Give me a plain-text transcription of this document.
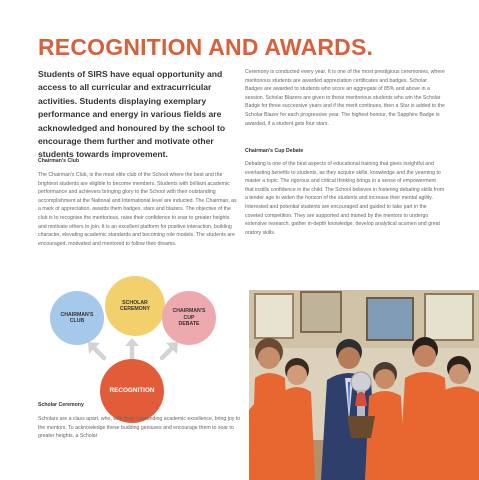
RECOGNITION AND AWARDS.
Students of SIRS have equal opportunity and access to all curricular and extracurricular activities. Students displaying exemplary performance and energy in various fields are acknowledged and honoured by the school to encourage them further and motivate other students towards improvement.
Chairman's Club
The Chairman's Club, is the most elite club of the School where the best and the brightest students are eligible to become members. Students with brilliant academic performance and achievers bringing glory to the School with their outstanding accomplishment at the National and International level are inducted. The Chairman, as a mark of appreciation, awards them badges, stars and blazers. The objective of the club is to recognise the meritorious, raise their confidence to soar to greater heights and motivate others to join. It is an excellent platform for positive interaction, building character, elevating academic standards and becoming role models. The students are encouraged, motivated and mentored to follow their dreams.
SCHOLAR
CEREMONY
CHAIRMAN'S
CLUB
CHAIRMAN'S
CUP
DEBATE
RECOGNITION
Scholar Ceremony
Scholars are a class apart, who, with their outstanding academic excellence, bring joy to the mentors. To acknowledge these budding geniuses and encourage them to soar to greater heights, a Scholar
Ceremony is conducted every year. It is one of the most prestigious ceremonies, where meritorious students are awarded appreciation certificates and badges. Scholar Badges are awarded to students who score an aggregate of 85% and above in a session. Scholar Blazers are given to those meritorious students who win the Scholar Badge for three successive years and if the merit continues, then a Star is added to the Scholar Blazer for each progressive year. The highest honour, the Sapphire Badge is awarded, if a student gets four stars.
Chairman's Cup Debate
Debating is one of the best aspects of educational training that gives insightful and everlasting benefits to students, as they acquire skills, knowledge and the yearning to master a topic. The rigorous and critical thinking brings in a sense of empowerment that instills confidence in the child. The School believes in fostering debating skills from a tender age to widen the horizon of the students and increase their mental agility. Interested and potential students are encouraged and guided to take part in the coveted competition. They are supported and trained by the mentors to undergo extensive research, gather in-depth knowledge, develop analytical acumen and great oratory skills.
